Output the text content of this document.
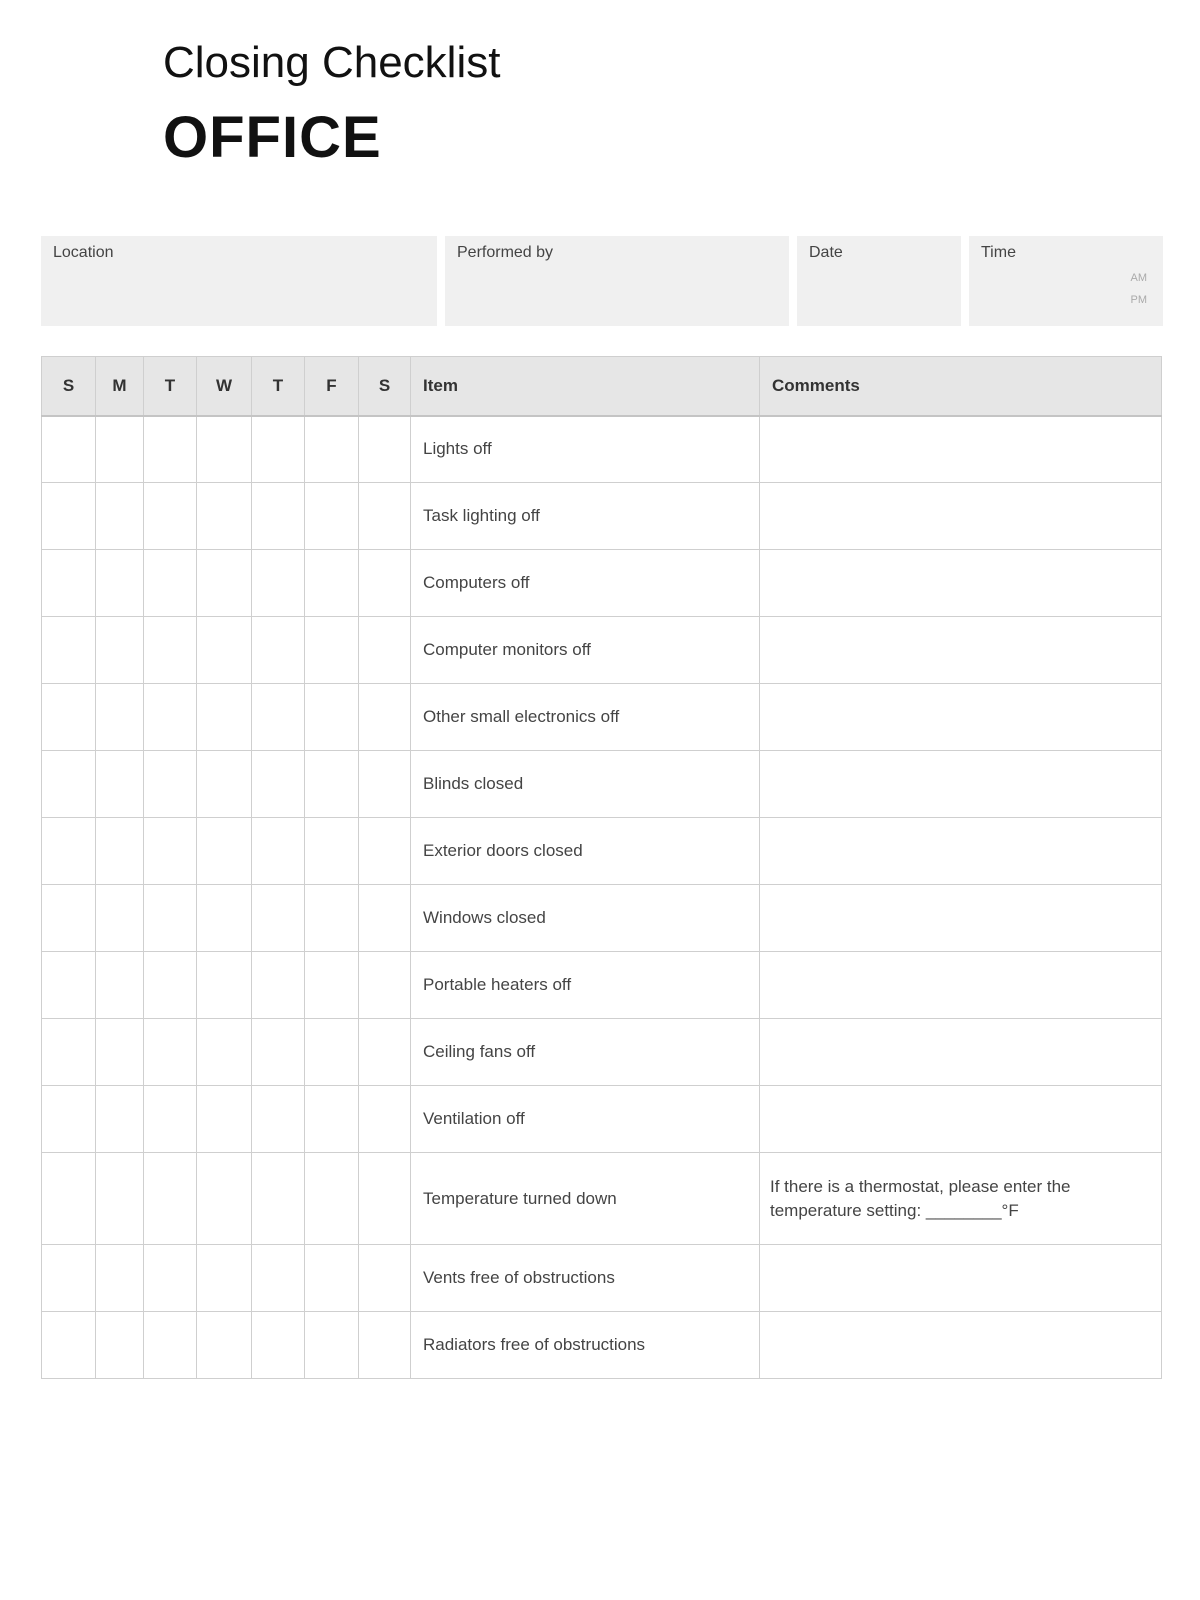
Closing Checklist
OFFICE
Location	Performed by	Date	Time
AM
PM
S	M	T	W	T	F	S	Item	Comments
							Lights off	
							Task lighting off	
							Computers off	
							Computer monitors off	
							Other small electronics off	
							Blinds closed	
							Exterior doors closed	
							Windows closed	
							Portable heaters off	
							Ceiling fans off	
							Ventilation off	
							Temperature turned down	If there is a thermostat, please enter the temperature setting: ________°F
							Vents free of obstructions	
							Radiators free of obstructions	
